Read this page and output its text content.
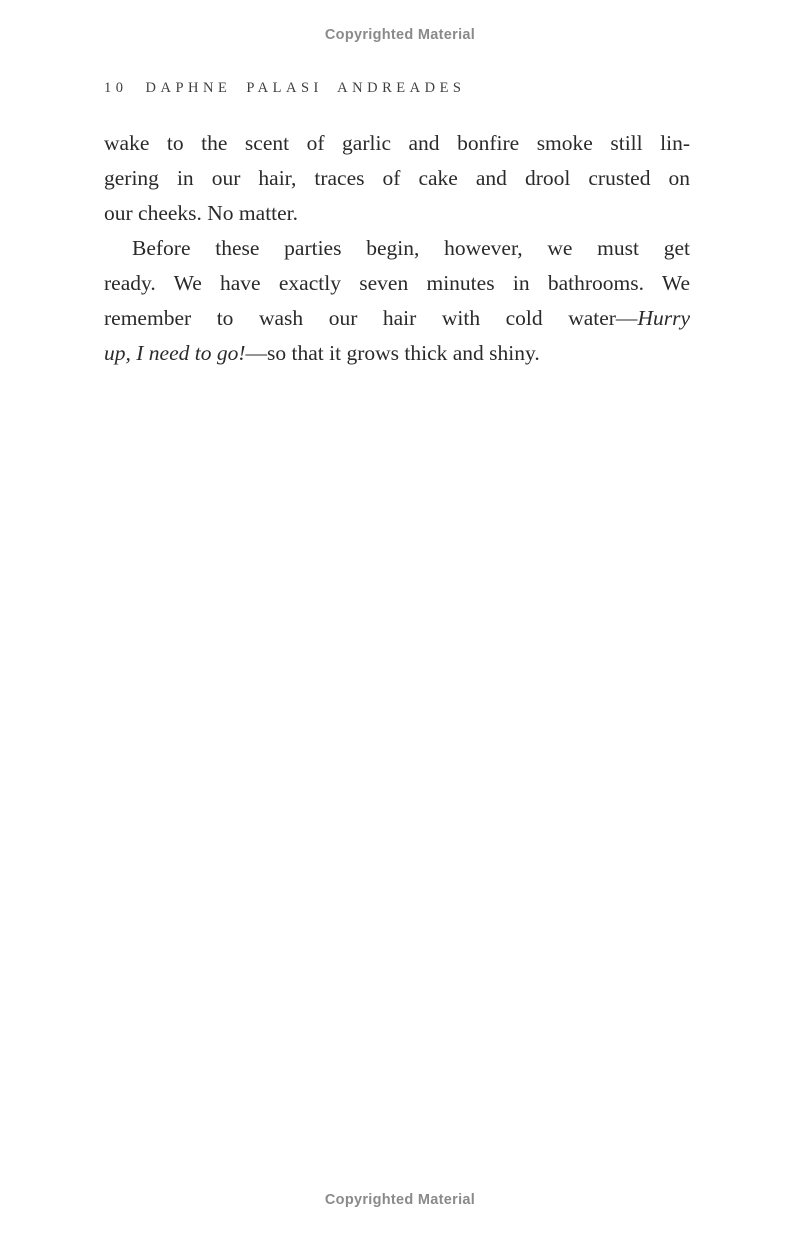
Copyrighted Material
10 DAPHNE PALASI ANDREADES
wake to the scent of garlic and bonfire smoke still lin-
gering in our hair, traces of cake and drool crusted on
our cheeks. No matter.
Before these parties begin, however, we must get
ready. We have exactly seven minutes in bathrooms. We
remember to wash our hair with cold water—Hurry
up, I need to go!—so that it grows thick and shiny.
Copyrighted Material
